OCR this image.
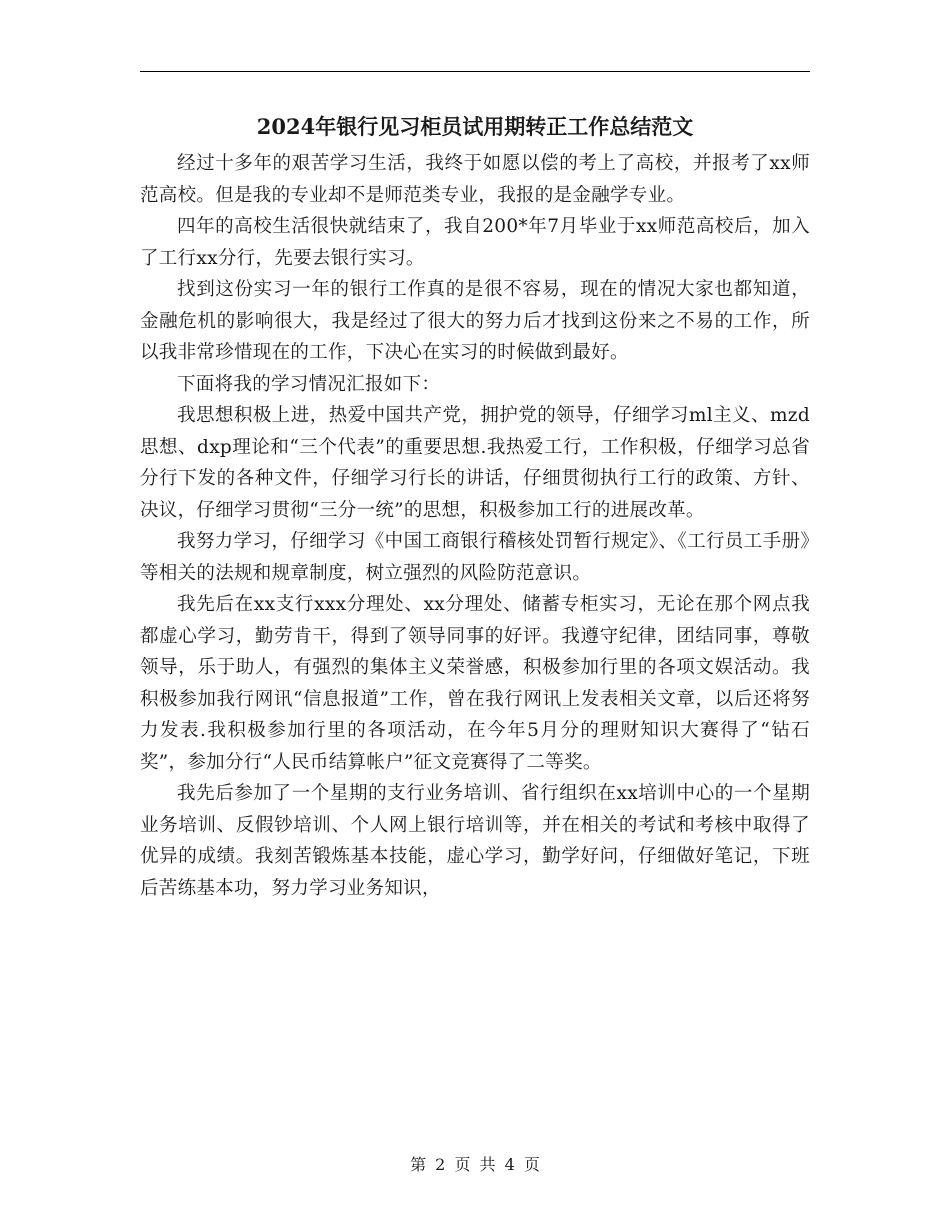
2024年银行见习柜员试用期转正工作总结范文

经过十多年的艰苦学习生活，我终于如愿以偿的考上了高校，并报考了xx师范高校。但是我的专业却不是师范类专业，我报的是金融学专业。

四年的高校生活很快就结束了，我自200*年7月毕业于xx师范高校后，加入了工行xx分行，先要去银行实习。

找到这份实习一年的银行工作真的是很不容易，现在的情况大家也都知道，金融危机的影响很大，我是经过了很大的努力后才找到这份来之不易的工作，所以我非常珍惜现在的工作，下决心在实习的时候做到最好。

下面将我的学习情况汇报如下：

我思想积极上进，热爱中国共产党，拥护党的领导，仔细学习ml主义、mzd思想、dxp理论和“三个代表”的重要思想.我热爱工行，工作积极，仔细学习总省分行下发的各种文件，仔细学习行长的讲话，仔细贯彻执行工行的政策、方针、决议，仔细学习贯彻“三分一统”的思想，积极参加工行的进展改革。

我努力学习，仔细学习《中国工商银行稽核处罚暂行规定》、《工行员工手册》等相关的法规和规章制度，树立强烈的风险防范意识。

我先后在xx支行xxx分理处、xx分理处、储蓄专柜实习，无论在那个网点我都虚心学习，勤劳肯干，得到了领导同事的好评。我遵守纪律，团结同事，尊敬领导，乐于助人，有强烈的集体主义荣誉感，积极参加行里的各项文娱活动。我积极参加我行网讯“信息报道”工作，曾在我行网讯上发表相关文章，以后还将努力发表.我积极参加行里的各项活动，在今年5月分的理财知识大赛得了“钻石奖”，参加分行“人民币结算帐户”征文竞赛得了二等奖。

我先后参加了一个星期的支行业务培训、省行组织在xx培训中心的一个星期业务培训、反假钞培训、个人网上银行培训等，并在相关的考试和考核中取得了优异的成绩。我刻苦锻炼基本技能，虚心学习，勤学好问，仔细做好笔记，下班后苦练基本功，努力学习业务知识，

第 2 页 共 4 页
